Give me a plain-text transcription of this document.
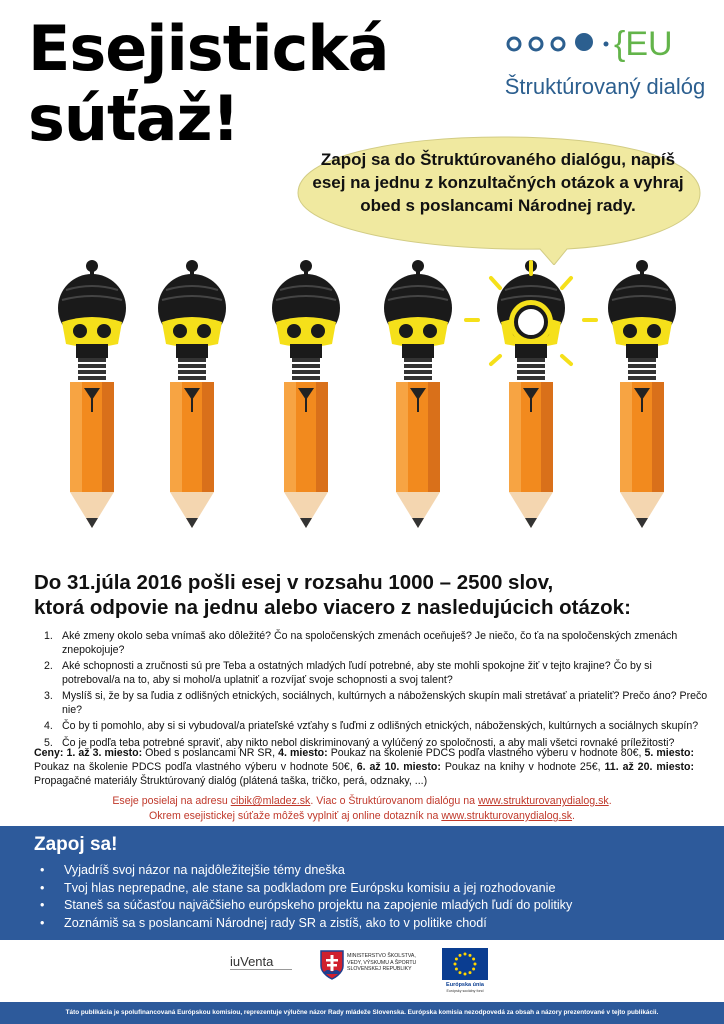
Esejistická
súťaž!
{EU
Štruktúrovaný dialóg
Zapoj sa do Štruktúrovaného dialógu, napíš esej na jednu z konzultačných otázok a vyhraj obed s poslancami Národnej rady.
Do 31.júla 2016 pošli esej v rozsahu 1000 – 2500 slov,
ktorá odpovie na jednu alebo viacero z nasledujúcich otázok:
1. Aké zmeny okolo seba vnímaš ako dôležité? Čo na spoločenských zmenách oceňuješ? Je niečo, čo ťa na spoločenských zmenách znepokojuje?
2. Aké schopnosti a zručnosti sú pre Teba a ostatných mladých ľudí potrebné, aby ste mohli spokojne žiť v tejto krajine? Čo by si potreboval/a na to, aby si mohol/a uplatniť a rozvíjať svoje schopnosti a svoj talent?
3. Myslíš si, že by sa ľudia z odlišných etnických, sociálnych, kultúrnych a náboženských skupín mali stretávať a priateliť? Prečo áno? Prečo nie?
4. Čo by ti pomohlo, aby si si vybudoval/a priateľské vzťahy s ľuďmi z odlišných etnických, náboženských, kultúrnych a sociálnych skupín?
5. Čo je podľa teba potrebné spraviť, aby nikto nebol diskriminovaný a vylúčený zo spoločnosti, a aby mali všetci rovnaké príležitosti?
Ceny: 1. až 3. miesto: Obed s poslancami NR SR, 4. miesto: Poukaz na školenie PDCS podľa vlastného výberu v hodnote 80€, 5. miesto: Poukaz na školenie PDCS podľa vlastného výberu v hodnote 50€, 6. až 10. miesto: Poukaz na knihy v hodnote 25€, 11. až 20. miesto: Propagačné materiály Štruktúrovaný dialóg (plátená taška, tričko, perá, odznaky, ...)
Eseje posielaj na adresu cibik@mladez.sk. Viac o Štruktúrovanom dialógu na www.strukturovanydialog.sk.
Okrem esejistickej súťaže môžeš vyplniť aj online dotazník na www.strukturovanydialog.sk.
Zapoj sa!
• Vyjadríš svoj názor na najdôležitejšie témy dneška
• Tvoj hlas neprepadne, ale stane sa podkladom pre Európsku komisiu a jej rozhodovanie
• Staneš sa súčasťou najväčšieho európskeho projektu na zapojenie mladých ľudí do politiky
• Zoznámiš sa s poslancami Národnej rady SR a zistíš, ako to v politike chodí
iuVenta	MINISTERSTVO ŠKOLSTVA,
VEDY, VÝSKUMU A ŠPORTU
SLOVENSKEJ REPUBLIKY
Európska únia
Európsky sociálny fond
Táto publikácia je spolufinancovaná Európskou komisiou, reprezentuje výlučne názor Rady mládeže Slovenska. Európska komisia nezodpovedá za obsah a názory prezentované v tejto publikácii.
